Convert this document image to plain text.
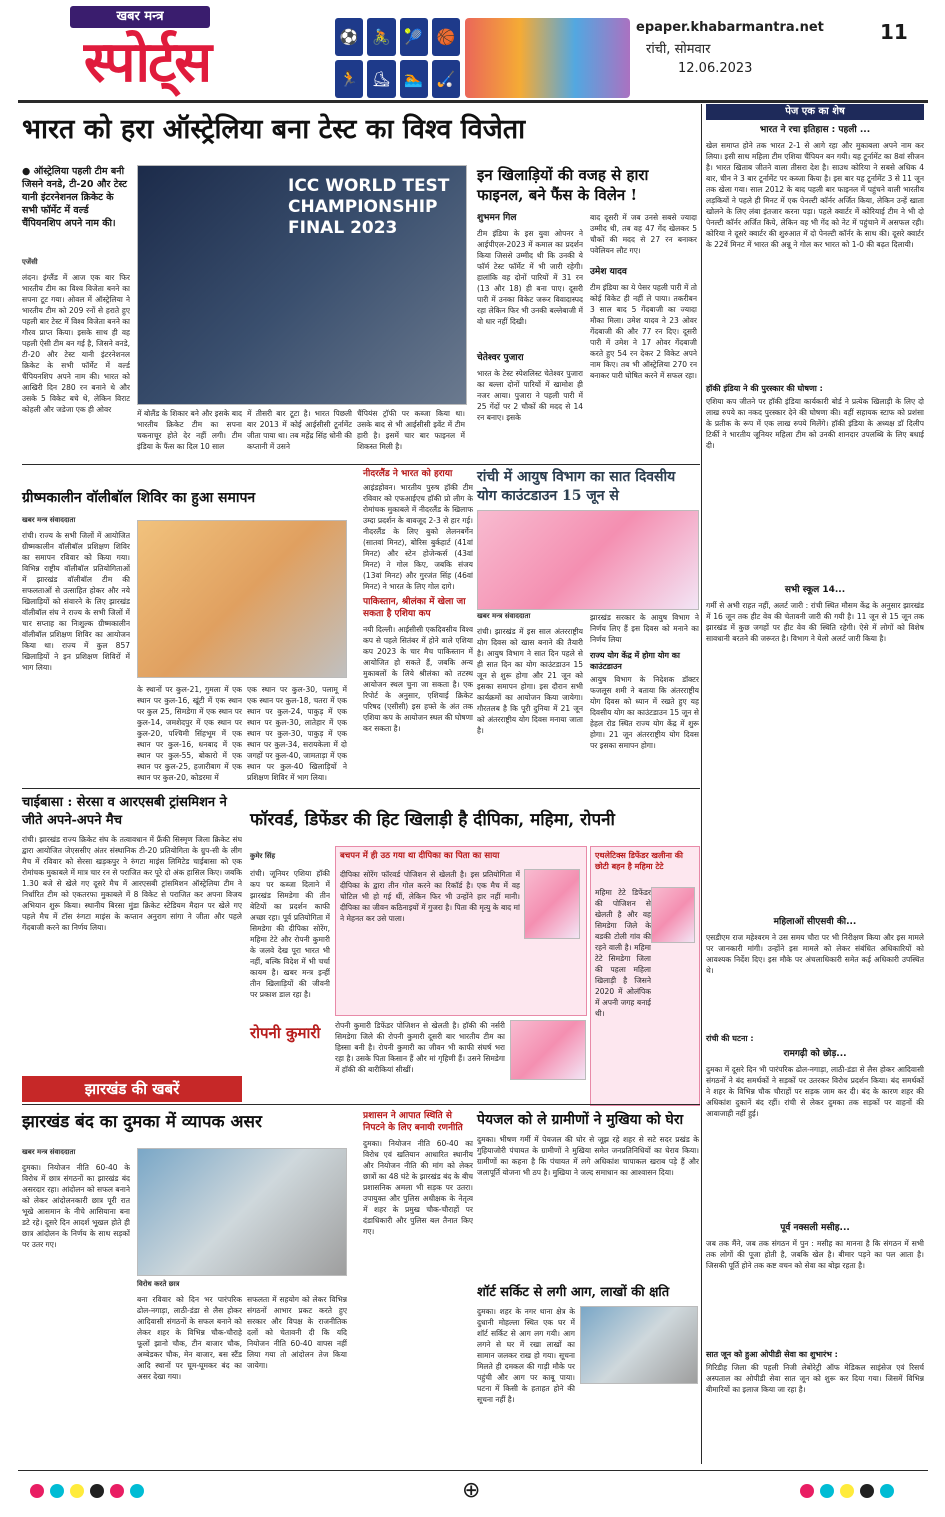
खबर मन्त्र
स्पोर्ट्स	⚽ 🚴 🎾 🏀
🏃 ⛸ 🏊 🏑
epaper.khabarmantra.net
रांची, सोमवार
12.06.2023
11
भारत को हरा ऑस्ट्रेलिया बना टेस्ट का विश्व विजेता
● ऑस्ट्रेलिया पहली टीम बनी जिसने वनडे, टी-20 और टेस्ट यानी इंटरनेशनल क्रिकेट के सभी फॉर्मेट में वर्ल्ड चैंपियनशिप अपने नाम की।
एजेंसी
लंदन। इंग्लैंड में आज एक बार फिर भारतीय टीम का विश्व विजेता बनने का सपना टूट गया। ओवल में ऑस्ट्रेलिया ने भारतीय टीम को 209 रनों से हराते हुए पहली बार टेस्ट में विश्व विजेता बनने का गौरव प्राप्त किया। इसके साथ ही वह पहली ऐसी टीम बन गई है, जिसने वनडे, टी-20 और टेस्ट यानी इंटरनेशनल क्रिकेट के सभी फॉर्मेट में वर्ल्ड चैंपियनशिप अपने नाम की। भारत को आखिरी दिन 280 रन बनाने थे और उसके 5 विकेट बचे थे, लेकिन विराट कोहली और जडेजा एक ही ओवर
ICC WORLD TEST
CHAMPIONSHIP
FINAL 2023
में बोलैंड के शिकार बने और इसके बाद भारतीय क्रिकेट टीम का सपना चकनाचूर होते देर नहीं लगी। टीम इंडिया के फैंस का दिल 10 साल
में तीसरी बार टूटा है। भारत पिछली बार 2013 में कोई आईसीसी टूर्नामेंट जीता पाया था। तब महेंद्र सिंह धोनी की कप्तानी में उसने
चैंपियंस ट्रॉफी पर कब्जा किया था। उसके बाद से भी आईसीसी इवेंट में टीम हारी है। इसमें चार बार फाइनल में शिकस्त मिली है।
इन खिलाड़ियों की वजह से हारा फाइनल, बने फैंस के विलेन !
शुभमन गिल
टीम इंडिया के इस युवा ओपनर ने आईपीएल-2023 में कमाल का प्रदर्शन किया जिससे उम्मीद थी कि उनकी ये फॉर्म टेस्ट फॉर्मेट में भी जारी रहेगी। हालांकि वह दोनों पारियों में 31 रन (13 और 18) ही बना पाए। दूसरी पारी में उनका विकेट जरूर विवादास्पद रहा लेकिन फिर भी उनकी बल्लेबाजी में वो धार नहीं दिखी।
चेतेश्वर पुजारा
भारत के टेस्ट स्पेशलिस्ट चेतेश्वर पुजारा का बल्ला दोनों पारियों में खामोश ही नजर आया। पुजारा ने पहली पारी में 25 गेंदों पर 2 चौकों की मदद से 14 रन बनाए। इसके
बाद दूसरी में जब उनसे सबसे ज्यादा उम्मीद थी, तब वह 47 गेंद खेलकर 5 चौकों की मदद से 27 रन बनाकर पवेलियन लौट गए।
उमेश यादव
टीम इंडिया का ये पेसर पहली पारी में तो कोई विकेट ही नहीं ले पाया। तकरीबन 3 साल बाद 5 गेंदबाजी का ज्यादा मौका मिला। उमेश यादव ने 23 ओवर गेंदबाजी की और 77 रन दिए। दूसरी पारी में उमेश ने 17 ओवर गेंदबाजी करते हुए 54 रन देकर 2 विकेट अपने नाम किए। तब भी ऑस्ट्रेलिया 270 रन बनाकर पारी घोषित करने में सफल रहा।
ग्रीष्मकालीन वॉलीबॉल शिविर का हुआ समापन
खबर मन्त्र संवाददाता
रांची। राज्य के सभी जिलों में आयोजित ग्रीष्मकालीन वॉलीबॉल प्रशिक्षण शिविर का समापन रविवार को किया गया। विभिन्न राष्ट्रीय वॉलीबॉल प्रतियोगिताओं में झारखंड वॉलीबॉल टीम की सफलताओं से उत्साहित होकर और नये खिलाड़ियों को संवारने के लिए झारखंड वॉलीबॉल संघ ने राज्य के सभी जिलों में चार सप्ताह का निःशुल्क ग्रीष्मकालीन वॉलीबॉल प्रशिक्षण शिविर का आयोजन किया था। राज्य में कुल 857 खिलाड़ियों ने इन प्रशिक्षण शिविरों में भाग लिया।
के स्थानों पर कुल-21, गुमला में एक स्थान पर कुल-16, खूंटी में एक स्थान पर कुल 25, सिमडेगा में एक स्थान पर कुल-14, जमशेदपुर में एक स्थान पर कुल-20, पश्चिमी सिंहभूम में एक स्थान पर कुल-16, धनबाद में एक स्थान पर कुल-55, बोकारो में एक स्थान पर कुल-25, हजारीबाग में एक स्थान पर कुल-20, कोडरमा में
एक स्थान पर कुल-30, पलामू में एक स्थान पर कुल-18, चतरा में एक स्थान पर कुल-24, पाकुड़ में एक स्थान पर कुल-30, लातेहार में एक स्थान पर कुल-30, पाकुड़ में एक स्थान पर कुल-34, सरायकेला में दो जगहों पर कुल-40, जामताड़ा में एक स्थान पर कुल-40 खिलाड़ियों ने प्रशिक्षण शिविर में भाग लिया।
नीदरलैंड ने भारत को हराया
आइंडहोवन। भारतीय पुरुष हॉकी टीम रविवार को एफआईएच हॉकी प्रो लीग के रोमांचक मुकाबले में नीदरलैंड के खिलाफ उम्दा प्रदर्शन के बावजूद 2-3 से हार गई। नीदरलैंड के लिए बुको लेलनबर्गेन (सातवां मिनट), बोरिस बुर्कहार्ट (41वां मिनट) और स्टेन होजेन्कर्स (43वां मिनट) ने गोल किए, जबकि संजय (13वां मिनट) और गुरजंत सिंह (46वां मिनट) ने भारत के लिए गोल दागे।
पाकिस्तान, श्रीलंका में खेला जा सकता है एशिया कप
नयी दिल्ली। आईसीसी एकदिवसीय विश्व कप से पहले सितंबर में होने वाले एशिया कप 2023 के चार मैच पाकिस्तान में आयोजित हो सकते हैं, जबकि अन्य मुकाबलों के लिये श्रीलंका को तटस्थ आयोजन स्थल चुना जा सकता है। एक रिपोर्ट के अनुसार, एशियाई क्रिकेट परिषद (एसीसी) इस हफ्ते के अंत तक एशिया कप के आयोजन स्थल की घोषणा कर सकता है।
रांची में आयुष विभाग का सात दिवसीय योग काउंटडाउन 15 जून से
खबर मन्त्र संवाददाता
रांची। झारखंड में इस साल अंतरराष्ट्रीय योग दिवस को खास बनाने की तैयारी है। आयुष विभाग ने सात दिन पहले से ही सात दिन का योग काउंटडाउन 15 जून से शुरू होगा और 21 जून को इसका समापन होगा। इस दौरान सभी कार्यक्रमों का आयोजन किया जायेगा। गौरतलब है कि पूरी दुनिया में 21 जून को अंतरराष्ट्रीय योग दिवस मनाया जाता है।
झारखंड सरकार के आयुष विभाग ने निर्णय लिए हैं इस दिवस को मनाने का निर्णय लिया
राज्य योग केंद्र में होगा योग का काउंटडाउन
आयुष विभाग के निदेशक डॉक्टर फजलूस शमी ने बताया कि अंतरराष्ट्रीय योग दिवस को ध्यान में रखते हुए यह दिवसीय योग का काउंटडाउन 15 जून से हेहल रोड स्थित राज्य योग केंद्र में शुरू होगा। 21 जून अंतरराष्ट्रीय योग दिवस पर इसका समापन होगा।
पेज एक का शेष
भारत ने रचा इतिहास : पहली ...
खेल समाप्त होने तक भारत 2-1 से आगे रहा और मुकाबला अपने नाम कर लिया। इसी साथ महिला टीम एशिया चैंपियन बन गयी। यह टूर्नामेंट का 8वां सीजन है। भारत खिताब जीतने वाला तीसरा देश है। साउथ कोरिया ने सबसे अधिक 4 बार, चीन ने 3 बार टूर्नामेंट पर कब्जा किया है। इस बार यह टूर्नामेंट 3 से 11 जून तक खेला गया। साल 2012 के बाद पहली बार फाइनल में पहुंचने वाली भारतीय लड़कियों ने पहले ही मिनट में एक पेनल्टी कॉर्नर अर्जित किया, लेकिन उन्हें खाता खोलने के लिए लंबा इंतजार करना पड़ा। पहले क्वार्टर में कोरियाई टीम ने भी दो पेनल्टी कॉर्नर अर्जित किये, लेकिन वह भी गेंद को नेट में पहुंचाने में असफल रही। कोरिया ने दूसरे क्वार्टर की शुरुआत में दो पेनल्टी कॉर्नर के साथ की। दूसरे क्वार्टर के 22वें मिनट में भारत की अन्नू ने गोल कर भारत को 1-0 की बढ़त दिलायी।
हॉकी इंडिया ने की पुरस्कार की घोषणा :
एशिया कप जीतने पर हॉकी इंडिया कार्यकारी बोर्ड ने प्रत्येक खिलाड़ी के लिए दो लाख रुपये का नकद पुरस्कार देने की घोषणा की। वहीं सहायक स्टाफ को प्रशंसा के प्रतीक के रूप में एक लाख रुपये मिलेंगे। हॉकी इंडिया के अध्यक्ष डॉ दिलीप टिर्की ने भारतीय जूनियर महिला टीम को उनकी शानदार उपलब्धि के लिए बधाई दी।
सभी स्कूल 14...
गर्मी से अभी राहत नहीं, अलर्ट जारी : रांची स्थित मौसम केंद्र के अनुसार झारखंड में 16 जून तक हीट वेव की चेतावनी जारी की गयी है। 11 जून से 15 जून तक झारखंड में कुछ जगहों पर हीट वेव की स्थिति रहेगी। ऐसे में लोगों को विशेष सावधानी बरतने की जरूरत है। विभाग ने येलो अलर्ट जारी किया है।
महिलाओं सीएसवी की...
एसडीएम राज महेश्वरम ने उस समय चौरा पर भी निरीक्षण किया और इस मामले पर जानकारी मांगी। उन्होंने इस मामले को लेकर संबंधित अधिकारियों को आवश्यक निर्देश दिए। इस मौके पर अंचलाधिकारी समेत कई अधिकारी उपस्थित थे।
रांची की घटना :
रामगढ़ी को छोड़...
दुमका में दूसरे दिन भी पारंपरिक ढोल-नगाड़ा, लाठी-डंडा से लैस होकर आदिवासी संगठनों ने बंद समर्थकों ने सड़कों पर उतरकर विरोध प्रदर्शन किया। बंद समर्थकों ने शहर के विभिन्न चौक चौराहों पर सड़क जाम कर दी। बंद के कारण शहर की अधिकांश दुकानें बंद रहीं। रांची से लेकर दुमका तक सड़कों पर वाहनों की आवाजाही नहीं हुई।
पूर्व नक्सली मसीह...
जब तक मैंने, जब तक संगठन में पुन : मसीह का मानना है कि संगठन में सभी तक लोगों की पूजा होती है, जबकि खेल है। बीमार पड़ने का पल आता है। जिसकी पूर्ति होने तक कष्ट वचन को सेवा का बोझ रहता है।
सात जून को हुआ ओपीडी सेवा का शुभारंभ :
गिरिडीह जिला की पहली निजी लेबोरेट्री ऑफ मेडिकल साइंसेज एवं रिसर्च अस्पताल का ओपीडी सेवा सात जून को शुरू कर दिया गया। जिसमें विभिन्न बीमारियों का इलाज किया जा रहा है।
चाईबासा : सेरसा व आरएसबी ट्रांसमिशन ने जीते अपने-अपने मैच
रांची। झारखंड राज्य क्रिकेट संघ के तत्वावधान में फ्रैंकी सिस्मृण जिला क्रिकेट संघ द्वारा आयोजित जेएससीए अंतर संस्थानिक टी-20 प्रतियोगिता के ग्रुप-सी के लीग मैच में रविवार को सेरसा खड़कपुर ने रुंगटा माइंस लिमिटेड चाईबासा को एक रोमांचक मुकाबले में मात्र चार रन से पराजित कर पूरे दो अंक हासिल किए। जबकि 1.30 बजे से खेले गए दूसरे मैच में आरएसबी ट्रांसमिशन ऑस्ट्रेलिया टीम ने निर्धारित टीम को एकतरफा मुकाबले में 8 विकेट से पराजित कर अपना विजय अभियान शुरू किया। स्थानीय बिरसा मुंडा क्रिकेट स्टेडियम मैदान पर खेले गए पहले मैच में टॉस रुंगटा माइंस के कप्तान अनुराग सांगा ने जीता और पहले गेंदबाजी करने का निर्णय लिया।
फॉरवर्ड, डिफेंडर की हिट खिलाड़ी है दीपिका, महिमा, रोपनी
कुमेर सिंह
रांची। जूनियर एशिया हॉकी कप पर कब्जा दिलाने में झारखंड सिमडेगा की तीन बेटियों का प्रदर्शन काफी अच्छा रहा। पूर्व प्रतियोगिता में सिमडेगा की दीपिका सोरेंग, महिमा टेटे और रोपनी कुमारी के जलवे देख पूरा भारत भी नहीं, बल्कि विदेश में भी चर्चा कायम है। खबर मन्त्र इन्हीं तीन खिलाड़ियों की जीवनी पर प्रकाश डाल रहा है।
बचपन में ही उठ गया था दीपिका का पिता का साया
दीपिका सोरेंग फॉरवर्ड पोजिशन से खेलती है। इस प्रतियोगिता में दीपिका के द्वारा तीन गोल करने का रिकॉर्ड है। एक मैच में वह चोटिल भी हो गई थीं, लेकिन फिर भी उन्होंने हार नहीं मानी। दीपिका का जीवन कठिनाइयों में गुजरा है। पिता की मृत्यु के बाद मां ने मेहनत कर उसे पाला।
एथलेटिक्स डिफेंडर खलीना की छोटी बहन है महिमा टेटे
महिमा टेटे डिफेंडर की पोजिशन से खेलती है और वह सिमडेगा जिले के बडकी टोली गांव की रहने वाली है। महिमा टेटे सिमडेगा जिला की पहला महिला खिलाड़ी है जिसने 2020 में ओलंपिक में अपनी जगह बनाई थी।
रोपनी कुमारी	रोपनी कुमारी डिफेंडर पोजिशन से खेलती है। हॉकी की नर्सरी सिमडेगा जिले की रोपनी कुमारी दूसरी बार भारतीय टीम का हिस्सा बनी है। रोपनी कुमारी का जीवन भी काफी संघर्ष भरा रहा है। उसके पिता किसान हैं और मां गृहिणी हैं। उसने सिमडेगा में हॉकी की बारीकियां सीखीं।
झारखंड की खबरें
झारखंड बंद का दुमका में व्यापक असर
खबर मन्त्र संवाददाता
दुमका। नियोजन नीति 60-40 के विरोध में छात्र संगठनों का झारखंड बंद असरदार रहा। आंदोलन को सफल बनाने को लेकर आंदोलनकारी छात्र पूरी रात भूखे आसमान के नीचे आसियाना बना डटे रहे। दूसरे दिन आदर्श भूखल होते ही छात्र आंदोलन के निर्णय के साथ सड़कों पर उतर गए।
विरोध करते छात्र
बना रविवार को दिन भर पारंपरिक ढोल-नगाड़ा, लाठी-डंडा से लैस होकर आदिवासी संगठनों के सफल बनाने को लेकर शहर के विभिन्न चौक-चौराहे फूलों झानो चौक, टीन बाजार चौक, अम्बेडकर चौक, मेन बाजार, बस स्टैंड आदि स्थानों पर घूम-घूमकर बंद का असर देखा गया।
सफलता में सहयोग को लेकर विभिन्न संगठनों आभार प्रकट करते हुए सरकार और विपक्ष के राजनीतिक दलों को चेतावनी दी कि यदि नियोजन नीति 60-40 वापस नहीं लिया गया तो आंदोलन तेज किया जायेगा।
प्रशासन ने आपात स्थिति से निपटने के लिए बनायी रणनीति
दुमका। नियोजन नीति 60-40 का विरोध एवं खतियान आधारित स्थानीय और नियोजन नीति की मांग को लेकर छात्रों का 48 घंटे के झारखंड बंद के बीच प्रशासनिक अमला भी सड़क पर उतरा। उपायुक्त और पुलिस अधीक्षक के नेतृत्व में शहर के प्रमुख चौक-चौराहों पर दंडाधिकारी और पुलिस बल तैनात किए गए।
पेयजल को ले ग्रामीणों ने मुखिया को घेरा
दुमका। भीषण गर्मी में पेयजल की घोर से जूझ रहे शहर से सटे सदर प्रखंड के गुहियाजोरी पंचायत के ग्रामीणों ने मुखिया समेत जनप्रतिनिधियों का घेराव किया। ग्रामीणों का कहना है कि पंचायत में लगे अधिकांश चापाकल खराब पड़े हैं और जलापूर्ति योजना भी ठप है। मुखिया ने जल्द समाधान का आश्वासन दिया।
शॉर्ट सर्किट से लगी आग, लाखों की क्षति
दुमका। शहर के नगर थाना क्षेत्र के दुधानी मोहल्ला स्थित एक घर में शॉर्ट सर्किट से आग लग गयी। आग लगने से घर में रखा लाखों का सामान जलकर राख हो गया। सूचना मिलते ही दमकल की गाड़ी मौके पर पहुंची और आग पर काबू पाया। घटना में किसी के हताहत होने की सूचना नहीं है।
⊕
